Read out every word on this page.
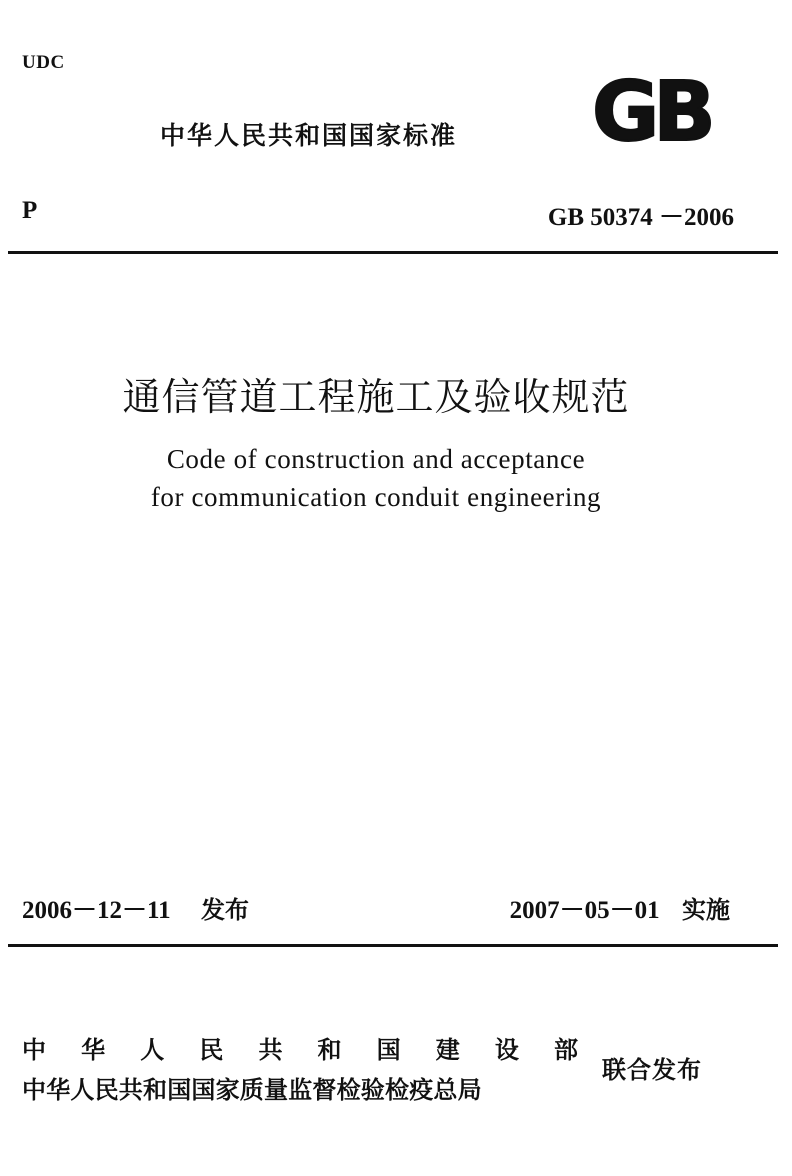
UDC
中华人民共和国国家标准 GB
P	GB 50374 －2006
通信管道工程施工及验收规范
Code of construction and acceptance
for communication conduit engineering
2006－12－11 发布	2007－05－01 实施
中 华 人 民 共 和 国 建 设 部
中华人民共和国国家质量监督检验检疫总局
联合发布
